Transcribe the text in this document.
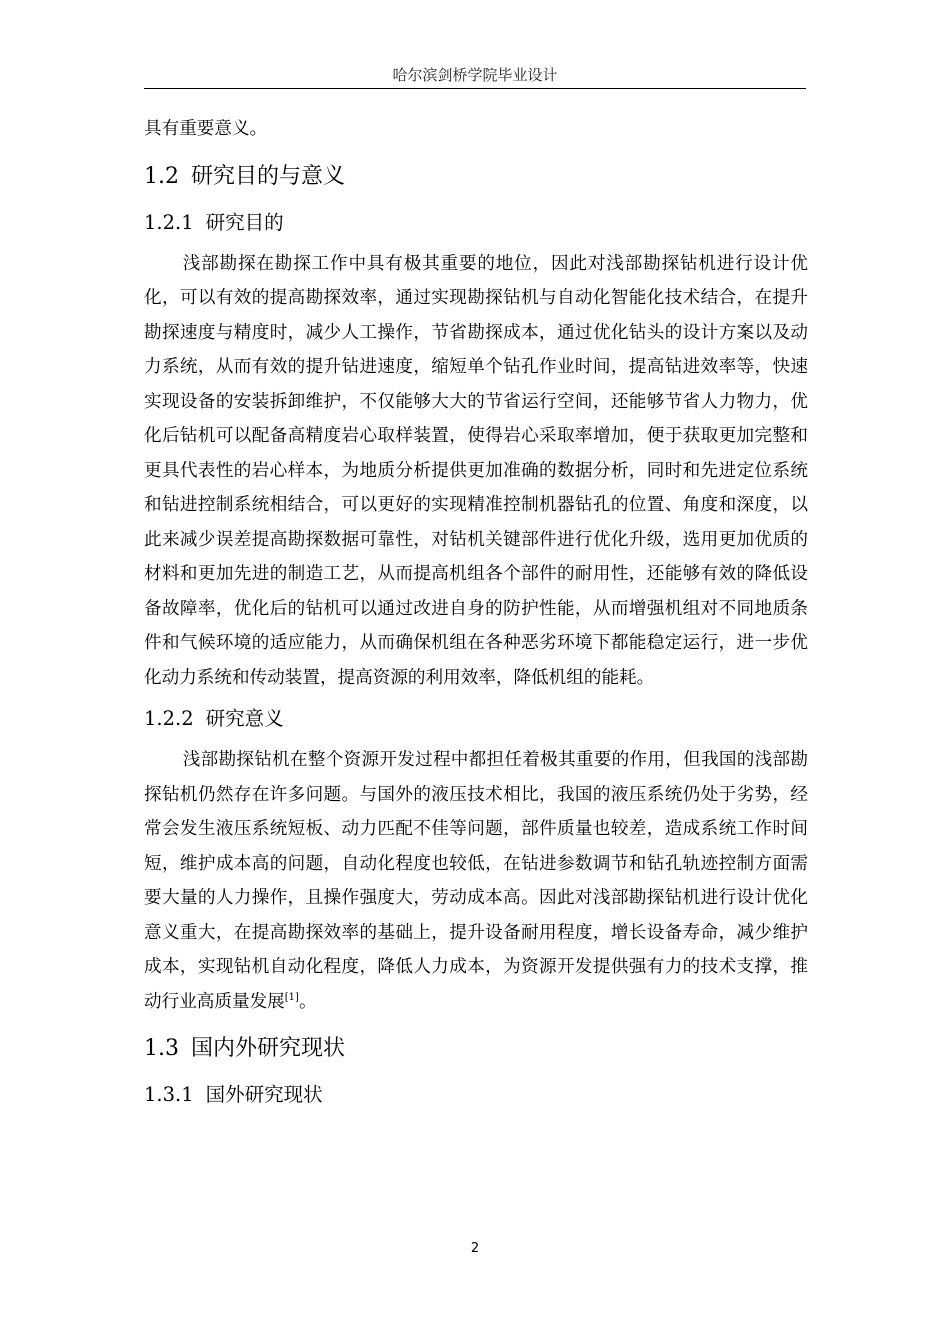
哈尔滨剑桥学院毕业设计

具有重要意义。

1.2 研究目的与意义
1.2.1 研究目的

浅部勘探在勘探工作中具有极其重要的地位，因此对浅部勘探钻机进行设计优化，可以有效的提高勘探效率，通过实现勘探钻机与自动化智能化技术结合，在提升勘探速度与精度时，减少人工操作，节省勘探成本，通过优化钻头的设计方案以及动力系统，从而有效的提升钻进速度，缩短单个钻孔作业时间，提高钻进效率等，快速实现设备的安装拆卸维护，不仅能够大大的节省运行空间，还能够节省人力物力，优化后钻机可以配备高精度岩心取样装置，使得岩心采取率增加，便于获取更加完整和更具代表性的岩心样本，为地质分析提供更加准确的数据分析，同时和先进定位系统和钻进控制系统相结合，可以更好的实现精准控制机器钻孔的位置、角度和深度，以此来减少误差提高勘探数据可靠性，对钻机关键部件进行优化升级，选用更加优质的材料和更加先进的制造工艺，从而提高机组各个部件的耐用性，还能够有效的降低设备故障率，优化后的钻机可以通过改进自身的防护性能，从而增强机组对不同地质条件和气候环境的适应能力，从而确保机组在各种恶劣环境下都能稳定运行，进一步优化动力系统和传动装置，提高资源的利用效率，降低机组的能耗。

1.2.2 研究意义

浅部勘探钻机在整个资源开发过程中都担任着极其重要的作用，但我国的浅部勘探钻机仍然存在许多问题。与国外的液压技术相比，我国的液压系统仍处于劣势，经常会发生液压系统短板、动力匹配不佳等问题，部件质量也较差，造成系统工作时间短，维护成本高的问题，自动化程度也较低，在钻进参数调节和钻孔轨迹控制方面需要大量的人力操作，且操作强度大，劳动成本高。因此对浅部勘探钻机进行设计优化意义重大，在提高勘探效率的基础上，提升设备耐用程度，增长设备寿命，减少维护成本，实现钻机自动化程度，降低人力成本，为资源开发提供强有力的技术支撑，推动行业高质量发展[1]。

1.3 国内外研究现状
1.3.1 国外研究现状
2
